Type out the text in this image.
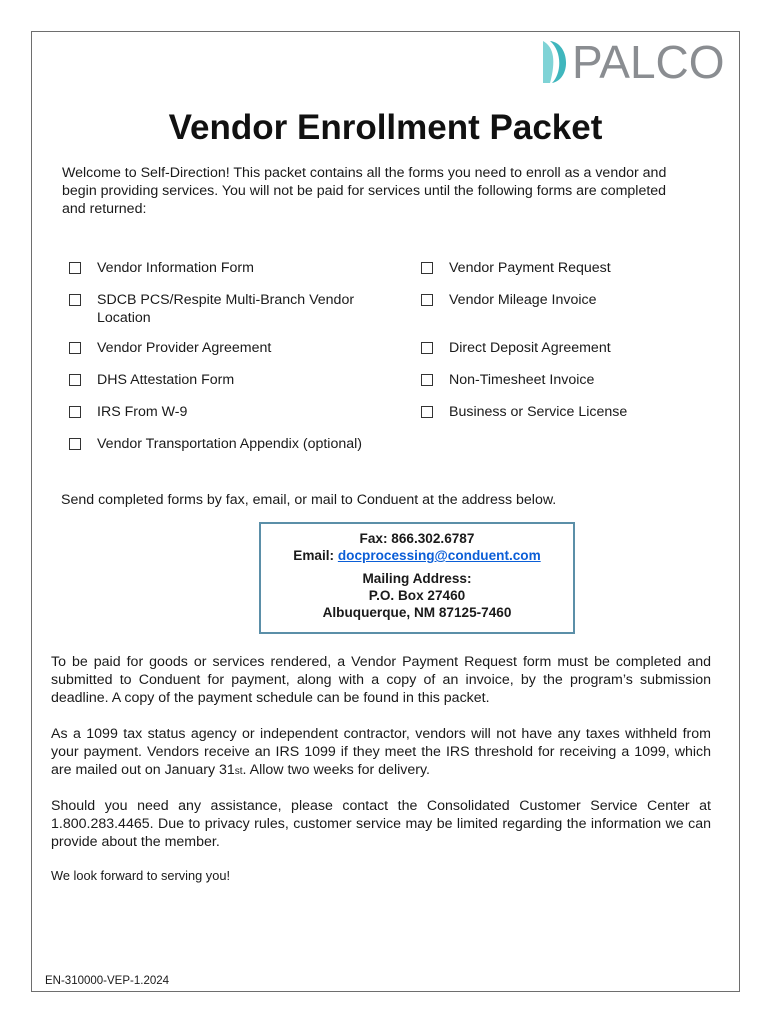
PALCO
Vendor Enrollment Packet

Welcome to Self-Direction! This packet contains all the forms you need to enroll as a vendor and begin providing services. You will not be paid for services until the following forms are completed and returned:

Vendor Information Form
SDCB PCS/Respite Multi-Branch Vendor Location
Vendor Provider Agreement
DHS Attestation Form
IRS From W-9
Vendor Transportation Appendix (optional)
Vendor Payment Request
Vendor Mileage Invoice
Direct Deposit Agreement
Non-Timesheet Invoice
Business or Service License

Send completed forms by fax, email, or mail to Conduent at the address below.

Fax: 866.302.6787
Email: docprocessing@conduent.com
Mailing Address:
P.O. Box 27460
Albuquerque, NM 87125-7460

To be paid for goods or services rendered, a Vendor Payment Request form must be completed and submitted to Conduent for payment, along with a copy of an invoice, by the program’s submission deadline. A copy of the payment schedule can be found in this packet.

As a 1099 tax status agency or independent contractor, vendors will not have any taxes withheld from your payment. Vendors receive an IRS 1099 if they meet the IRS threshold for receiving a 1099, which are mailed out on January 31st. Allow two weeks for delivery.

Should you need any assistance, please contact the Consolidated Customer Service Center at 1.800.283.4465. Due to privacy rules, customer service may be limited regarding the information we can provide about the member.

We look forward to serving you!

EN-310000-VEP-1.2024
